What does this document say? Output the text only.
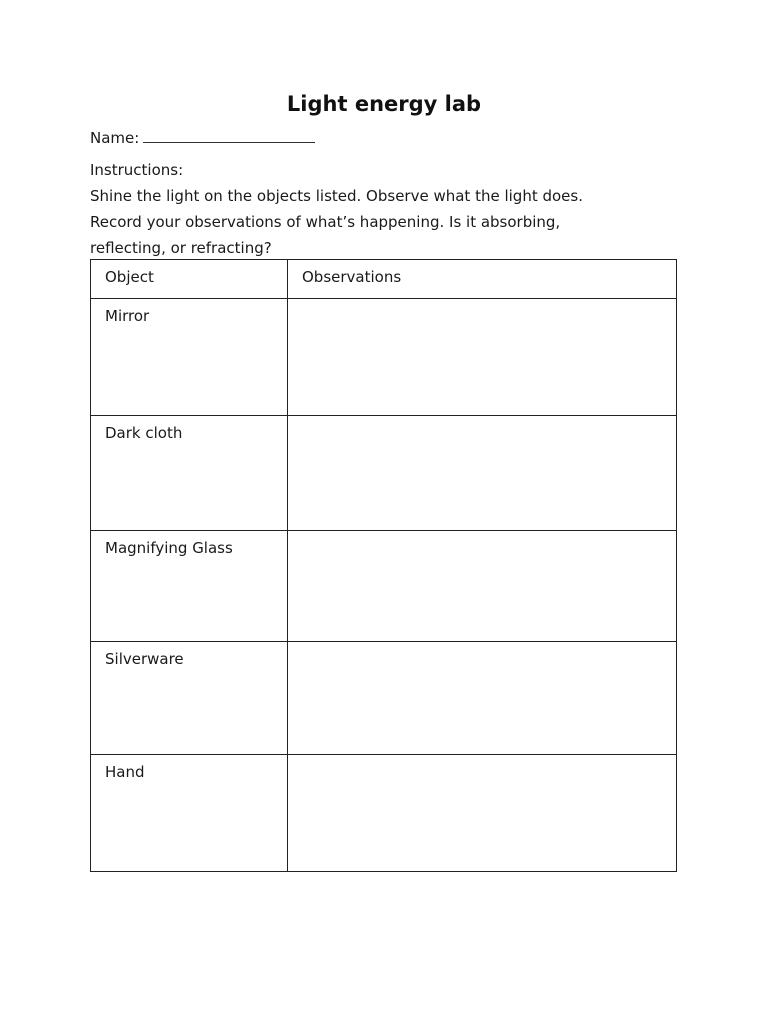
Light energy lab
Name:
Instructions:
Shine the light on the objects listed. Observe what the light does.
Record your observations of what’s happening. Is it absorbing,
reflecting, or refracting?
Object	Observations
Mirror	
Dark cloth	
Magnifying Glass	
Silverware	
Hand	
